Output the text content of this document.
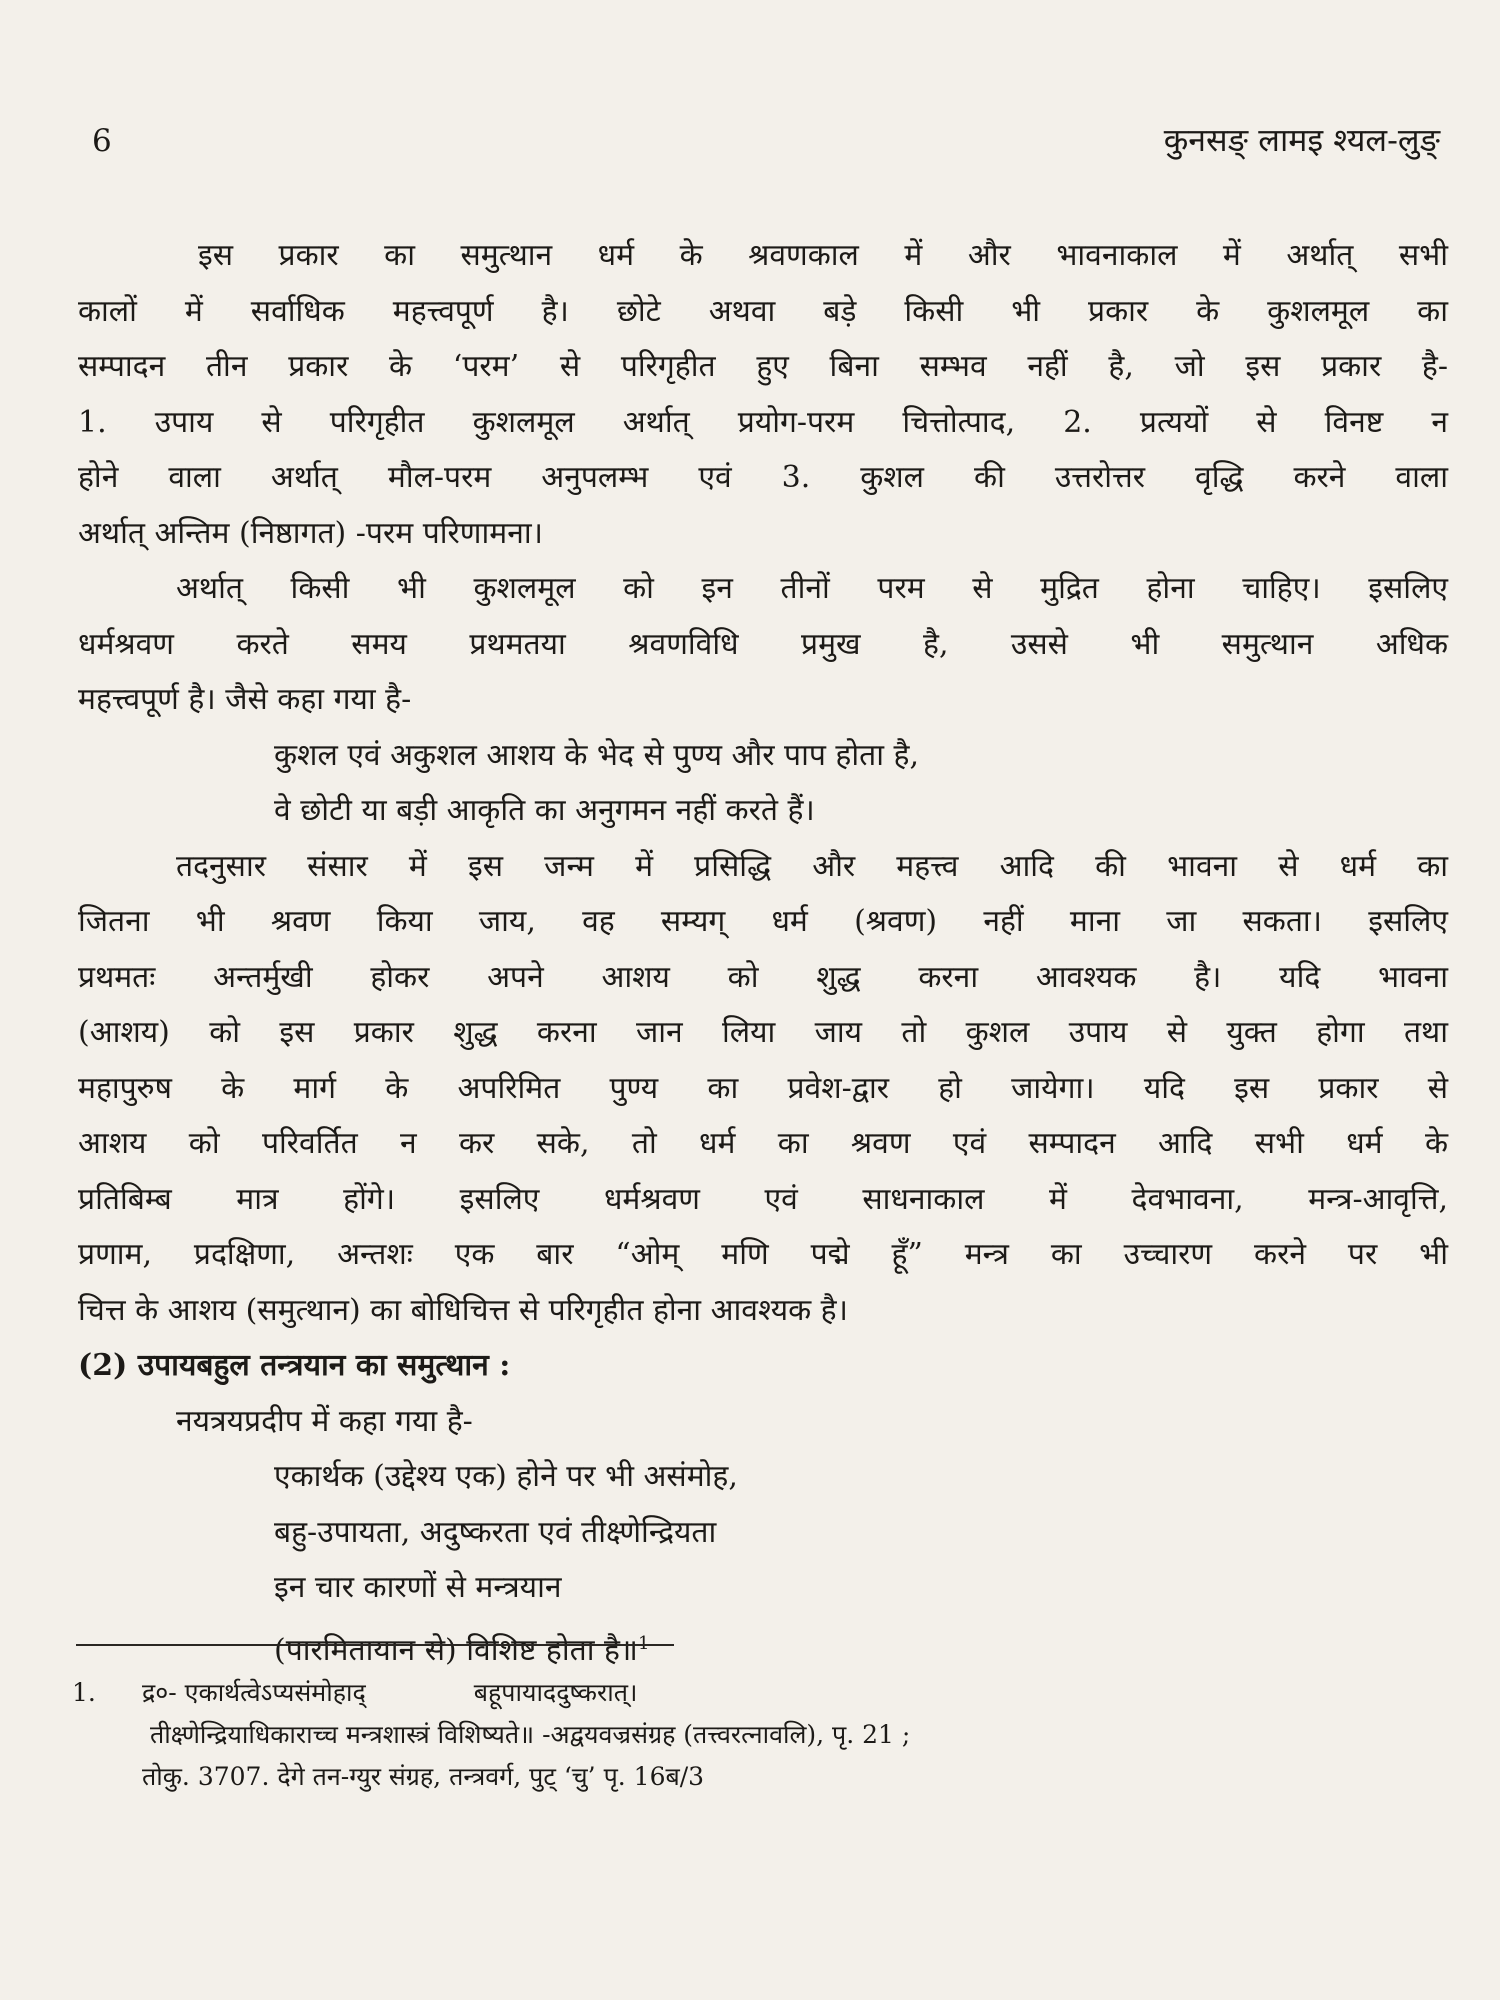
6	कुनसङ् लामइ श्यल-लुङ्
इस प्रकार का समुत्थान धर्म के श्रवणकाल में और भावनाकाल में अर्थात् सभी
कालों में सर्वाधिक महत्त्वपूर्ण है। छोटे अथवा बड़े किसी भी प्रकार के कुशलमूल का
सम्पादन तीन प्रकार के ‘परम’ से परिगृहीत हुए बिना सम्भव नहीं है, जो इस प्रकार है-
1. उपाय से परिगृहीत कुशलमूल अर्थात् प्रयोग-परम चित्तोत्पाद, 2. प्रत्ययों से विनष्ट न
होने वाला अर्थात् मौल-परम अनुपलम्भ एवं 3. कुशल की उत्तरोत्तर वृद्धि करने वाला
अर्थात् अन्तिम (निष्ठागत) -परम परिणामना।
अर्थात् किसी भी कुशलमूल को इन तीनों परम से मुद्रित होना चाहिए। इसलिए
धर्मश्रवण करते समय प्रथमतया श्रवणविधि प्रमुख है, उससे भी समुत्थान अधिक
महत्त्वपूर्ण है। जैसे कहा गया है-
कुशल एवं अकुशल आशय के भेद से पुण्य और पाप होता है,
वे छोटी या बड़ी आकृति का अनुगमन नहीं करते हैं।
तदनुसार संसार में इस जन्म में प्रसिद्धि और महत्त्व आदि की भावना से धर्म का
जितना भी श्रवण किया जाय, वह सम्यग् धर्म (श्रवण) नहीं माना जा सकता। इसलिए
प्रथमतः अन्तर्मुखी होकर अपने आशय को शुद्ध करना आवश्यक है। यदि भावना
(आशय) को इस प्रकार शुद्ध करना जान लिया जाय तो कुशल उपाय से युक्त होगा तथा
महापुरुष के मार्ग के अपरिमित पुण्य का प्रवेश-द्वार हो जायेगा। यदि इस प्रकार से
आशय को परिवर्तित न कर सके, तो धर्म का श्रवण एवं सम्पादन आदि सभी धर्म के
प्रतिबिम्ब मात्र होंगे। इसलिए धर्मश्रवण एवं साधनाकाल में देवभावना, मन्त्र-आवृत्ति,
प्रणाम, प्रदक्षिणा, अन्तशः एक बार “ओम् मणि पद्मे हूँ” मन्त्र का उच्चारण करने पर भी
चित्त के आशय (समुत्थान) का बोधिचित्त से परिगृहीत होना आवश्यक है।
(2) उपायबहुल तन्त्रयान का समुत्थान :
नयत्रयप्रदीप में कहा गया है-
एकार्थक (उद्देश्य एक) होने पर भी असंमोह,
बहु-उपायता, अदुष्करता एवं तीक्ष्णेन्द्रियता
इन चार कारणों से मन्त्रयान
(पारमितायान से) विशिष्ट होता है॥$^1$
1. द्र०- एकार्थत्वेऽप्यसंमोहाद्	बहूपायाददुष्करात्।
तीक्ष्णेन्द्रियाधिकाराच्च मन्त्रशास्त्रं विशिष्यते॥ -अद्वयवज्रसंग्रह (तत्त्वरत्नावलि), पृ. 21 ;
तोकु. 3707. देगे तन-ग्युर संग्रह, तन्त्रवर्ग, पुट् ‘चु’ पृ. 16ब/3
